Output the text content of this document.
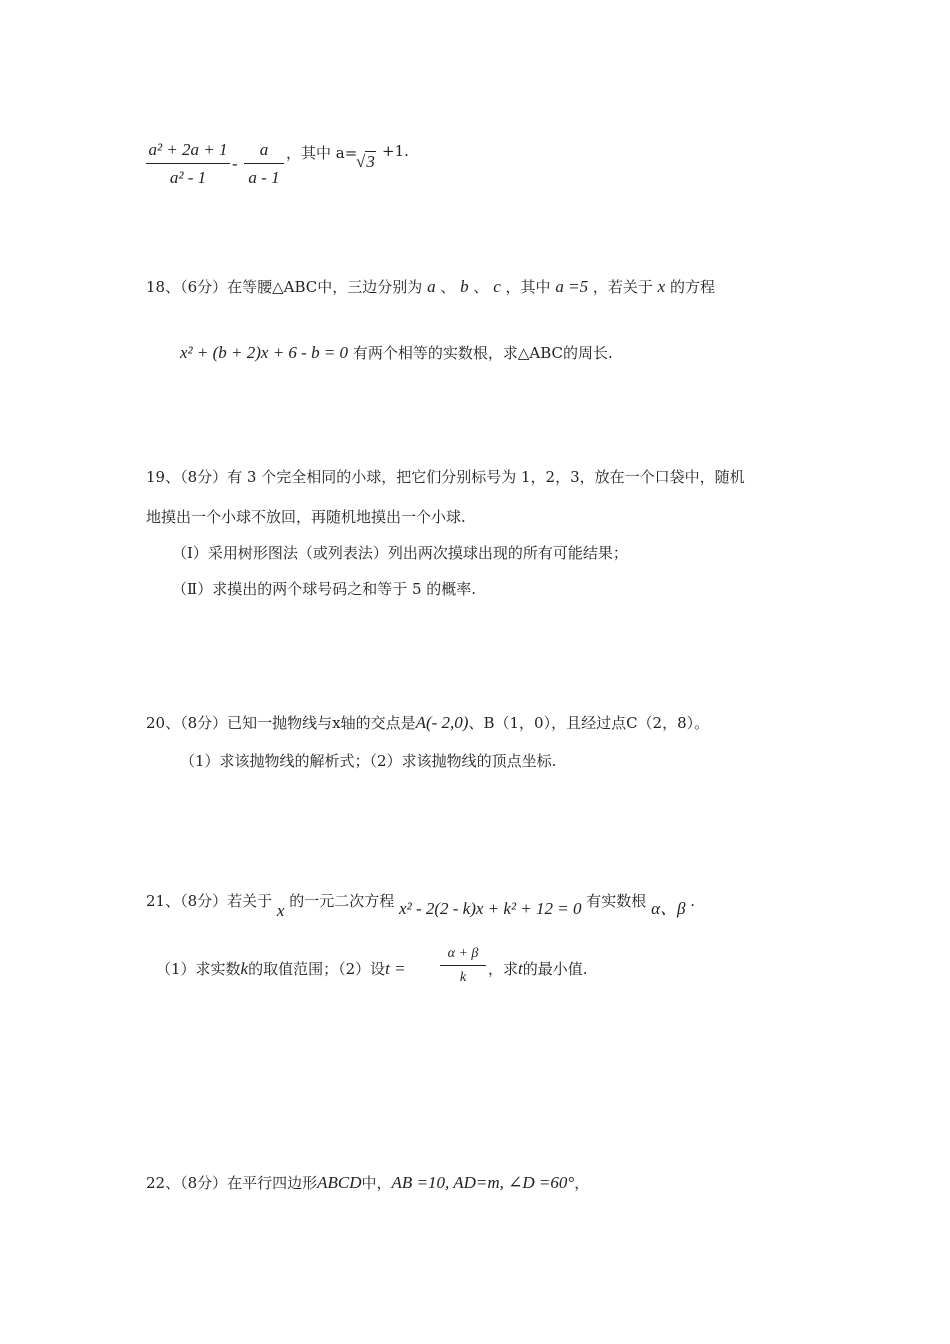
a² + 2a + 1
a² - 1
-
a
a - 1
，其中 a=
√3
+1.
18、（6分）在等腰△ABC中，三边分别为 a 、 b 、 c ，其中 a =5 ，若关于 x 的方程
x² + (b + 2)x + 6 - b = 0 有两个相等的实数根，求△ABC的周长.
19、（8分）有 3 个完全相同的小球，把它们分别标号为 1，2，3，放在一个口袋中，随机
地摸出一个小球不放回，再随机地摸出一个小球.
（Ⅰ）采用树形图法（或列表法）列出两次摸球出现的所有可能结果；
（Ⅱ）求摸出的两个球号码之和等于 5 的概率.
20、（8分）已知一抛物线与x轴的交点是A(- 2,0)、B（1，0），且经过点C（2，8）。
（1）求该抛物线的解析式；（2）求该抛物线的顶点坐标.
21、（8分）若关于 x 的一元二次方程 x² - 2(2 - k)x + k² + 12 = 0 有实数根 α、β .
（1）求实数k的取值范围；（2）设t =
α + β
k	，求t的最小值.
22、（8分）在平行四边形ABCD中，AB =10, AD=m, ∠D =60°，
